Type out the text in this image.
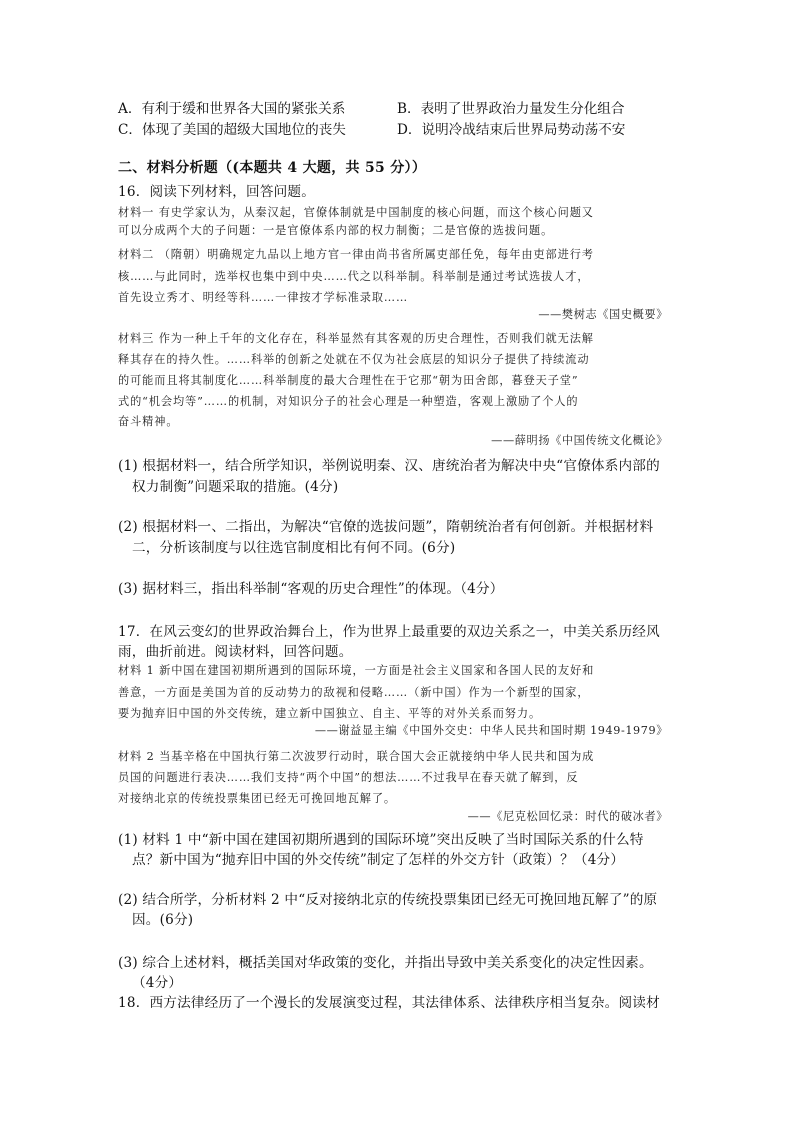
A．有利于缓和世界各大国的紧张关系	B．表明了世界政治力量发生分化组合
C．体现了美国的超级大国地位的丧失	D．说明冷战结束后世界局势动荡不安
二、材料分析题（(本题共 4 大题，共 55 分））
16．阅读下列材料，回答问题。
材料一 有史学家认为，从秦汉起，官僚体制就是中国制度的核心问题，而这个核心问题又
可以分成两个大的子问题：一是官僚体系内部的权力制衡；二是官僚的选拔问题。
材料二 （隋朝）明确规定九品以上地方官一律由尚书省所属吏部任免，每年由吏部进行考
核……与此同时，选举权也集中到中央……代之以科举制。科举制是通过考试选拔人才，
首先设立秀才、明经等科……一律按才学标准录取……
——樊树志《国史概要》
材料三 作为一种上千年的文化存在，科举显然有其客观的历史合理性，否则我们就无法解
释其存在的持久性。……科举的创新之处就在不仅为社会底层的知识分子提供了持续流动
的可能而且将其制度化……科举制度的最大合理性在于它那“朝为田舍郎，暮登天子堂”
式的“机会均等”……的机制，对知识分子的社会心理是一种塑造，客观上激励了个人的
奋斗精神。
——薛明扬《中国传统文化概论》
(1) 根据材料一，结合所学知识，举例说明秦、汉、唐统治者为解决中央“官僚体系内部的
权力制衡”问题采取的措施。(4分)
(2) 根据材料一、二指出，为解决“官僚的选拔问题”，隋朝统治者有何创新。并根据材料
二，分析该制度与以往选官制度相比有何不同。(6分)
(3) 据材料三，指出科举制“客观的历史合理性”的体现。（4分）
17．在风云变幻的世界政治舞台上，作为世界上最重要的双边关系之一，中美关系历经风
雨，曲折前进。阅读材料，回答问题。
材料 1 新中国在建国初期所遇到的国际环境，一方面是社会主义国家和各国人民的友好和
善意，一方面是美国为首的反动势力的敌视和侵略……（新中国）作为一个新型的国家，
要为抛弃旧中国的外交传统，建立新中国独立、自主、平等的对外关系而努力。
——谢益显主编《中国外交史：中华人民共和国时期 1949-1979》
材料 2 当基辛格在中国执行第二次波罗行动时，联合国大会正就接纳中华人民共和国为成
员国的问题进行表决……我们支持“两个中国”的想法……不过我早在春天就了解到，反
对接纳北京的传统投票集团已经无可挽回地瓦解了。
——《尼克松回忆录：时代的破冰者》
(1) 材料 1 中“新中国在建国初期所遇到的国际环境”突出反映了当时国际关系的什么特
点？新中国为“抛弃旧中国的外交传统”制定了怎样的外交方针（政策）？（4分）
(2) 结合所学，分析材料 2 中“反对接纳北京的传统投票集团已经无可挽回地瓦解了”的原
因。(6分)
(3) 综合上述材料，概括美国对华政策的变化，并指出导致中美关系变化的决定性因素。
（4分）
18．西方法律经历了一个漫长的发展演变过程，其法律体系、法律秩序相当复杂。阅读材
